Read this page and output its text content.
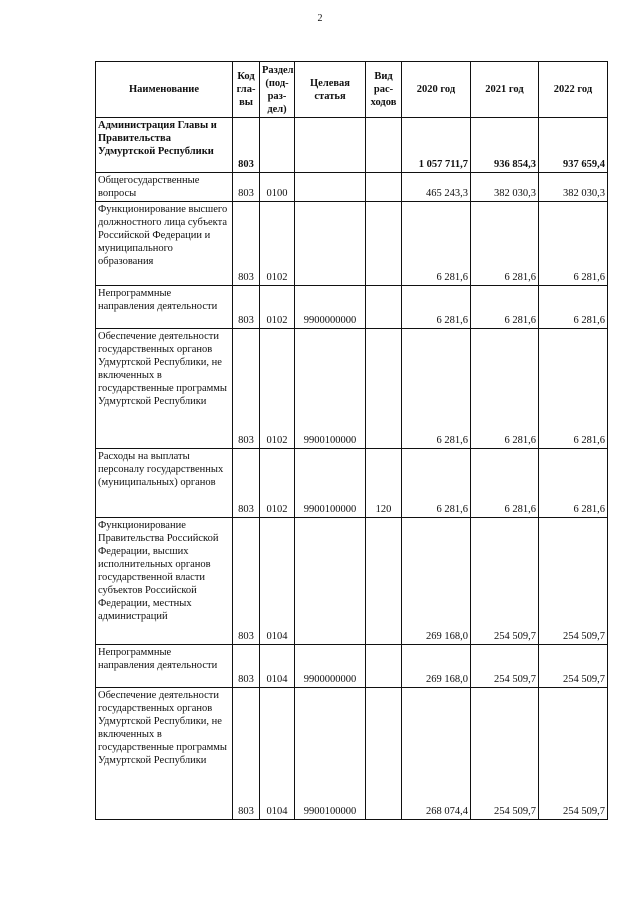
2
Наименование	Код гла- вы	Раздел (под- раз- дел)	Целевая статья	Вид рас- ходов	2020 год	2021 год	2022 год
Администрация Главы и Правительства Удмуртской Республики	803				1 057 711,7	936 854,3	937 659,4
Общегосударственные вопросы	803	0100			465 243,3	382 030,3	382 030,3
Функционирование высшего должностного лица субъекта Российской Федерации и муниципального образования	803	0102			6 281,6	6 281,6	6 281,6
Непрограммные направления деятельности	803	0102	9900000000		6 281,6	6 281,6	6 281,6
Обеспечение деятельности государственных органов Удмуртской Республики, не включенных в государственные программы Удмуртской Республики	803	0102	9900100000		6 281,6	6 281,6	6 281,6
Расходы на выплаты персоналу государственных (муниципальных) органов	803	0102	9900100000	120	6 281,6	6 281,6	6 281,6
Функционирование Правительства Российской Федерации, высших исполнительных органов государственной власти субъектов Российской Федерации, местных администраций	803	0104			269 168,0	254 509,7	254 509,7
Непрограммные направления деятельности	803	0104	9900000000		269 168,0	254 509,7	254 509,7
Обеспечение деятельности государственных органов Удмуртской Республики, не включенных в государственные программы Удмуртской Республики	803	0104	9900100000		268 074,4	254 509,7	254 509,7
